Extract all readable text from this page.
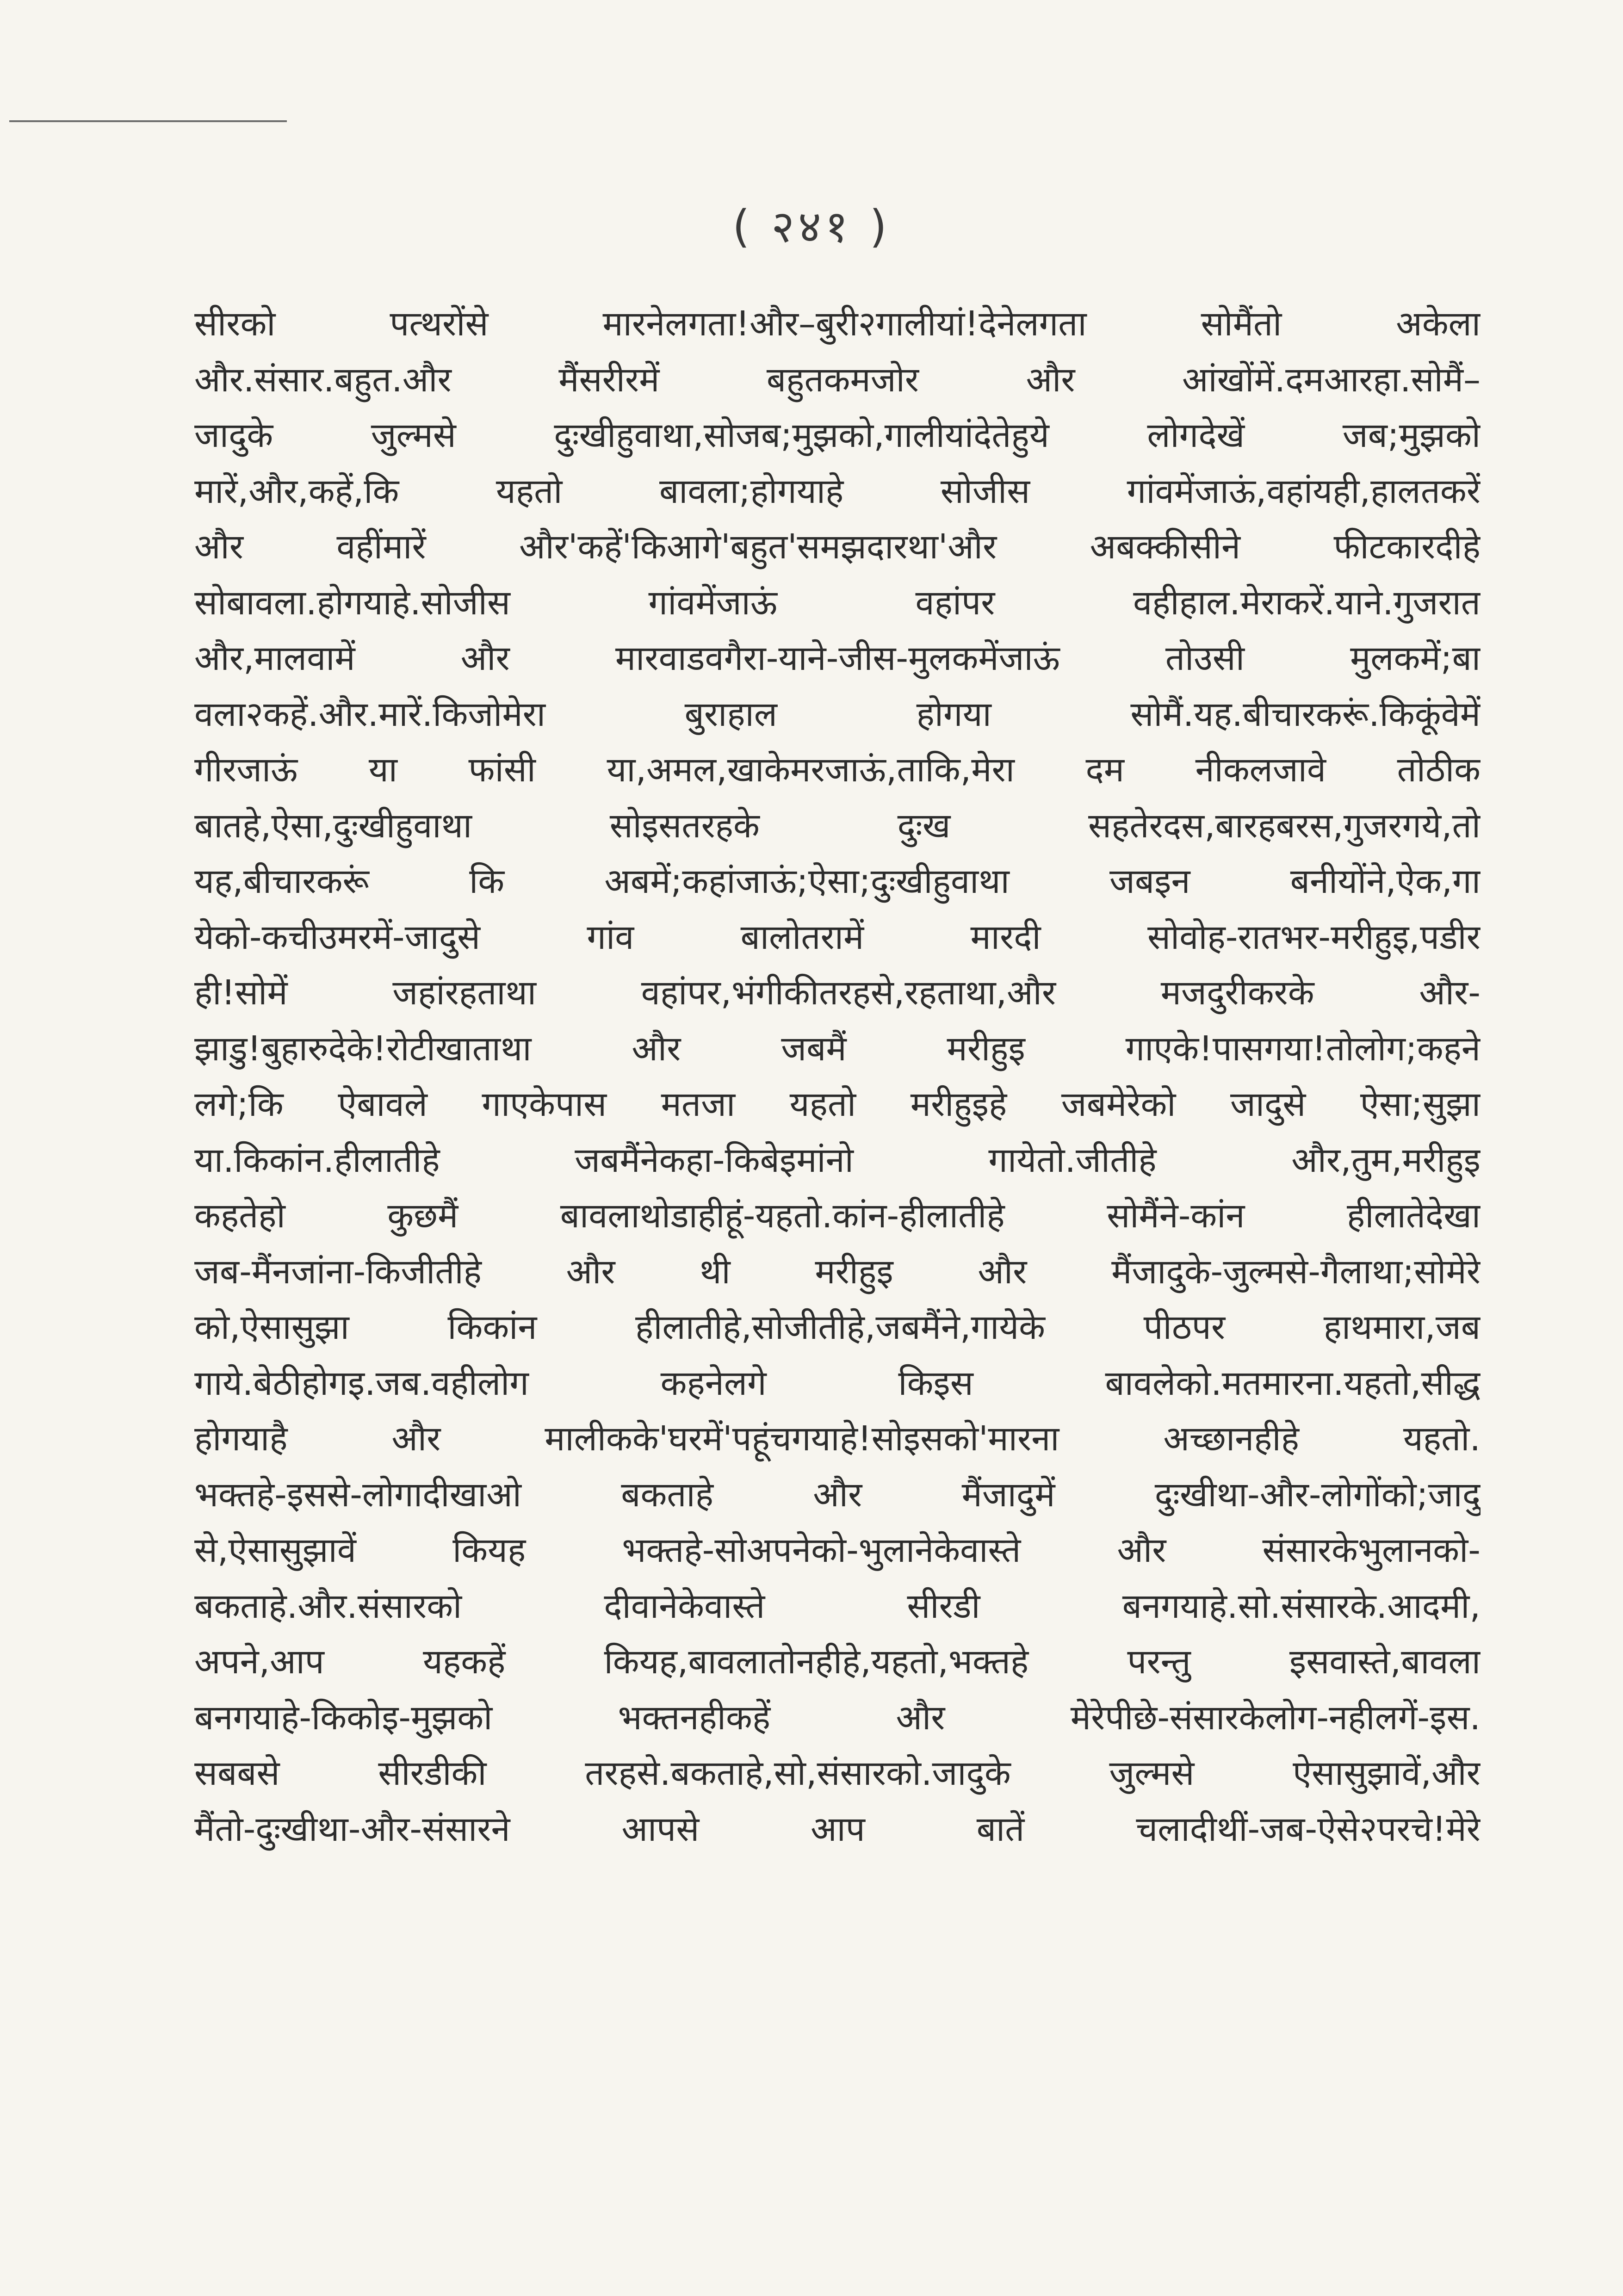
( २४१ )
सीरको पत्थरोंसे मारनेलगता!और–बुरी२गालीयां!देनेलगता सोमैंतो अकेला
और.संसार.बहुत.और मैंसरीरमें बहुतकमजोर और आंखोंमें.दमआरहा.सोमैं–
जादुके जुल्मसे दुःखीहुवाथा,सोजब;मुझको,गालीयांदेतेहुये लोगदेखें जब;मुझको
मारें,और,कहें,कि यहतो बावला;होगयाहे सोजीस गांवमेंजाऊं,वहांयही,हालतकरें
और वहींमारें और'कहें'किआगे'बहुत'समझदारथा'और अबक्कीसीने फीटकारदीहे
सोबावला.होगयाहे.सोजीस गांवमेंजाऊं वहांपर वहीहाल.मेराकरें.याने.गुजरात
और,मालवामें और मारवाडवगैरा-याने-जीस-मुलकमेंजाऊं तोउसी मुलकमें;बा
वला२कहें.और.मारें.किजोमेरा बुराहाल होगया सोमैं.यह.बीचारकरूं.किकूंवेमें
गीरजाऊं या फांसी या,अमल,खाकेमरजाऊं,ताकि,मेरा दम नीकलजावे तोठीक
बातहे,ऐसा,दुःखीहुवाथा सोइसतरहके दुःख सहतेरदस,बारहबरस,गुजरगये,तो
यह,बीचारकरूं कि अबमें;कहांजाऊं;ऐसा;दुःखीहुवाथा जबइन बनीयोंने,ऐक,गा
येको-कचीउमरमें-जादुसे गांव बालोतरामें मारदी सोवोह-रातभर-मरीहुइ,पडीर
ही!सोमें जहांरहताथा वहांपर,भंगीकीतरहसे,रहताथा,और मजदुरीकरके और-
झाडु!बुहारुदेके!रोटीखाताथा और जबमैं मरीहुइ गाएके!पासगया!तोलोग;कहने
लगे;कि ऐबावले गाएकेपास मतजा यहतो मरीहुइहे जबमेरेको जादुसे ऐसा;सुझा
या.किकांन.हीलातीहे जबमैंनेकहा-किबेइमांनो गायेतो.जीतीहे और,तुम,मरीहुइ
कहतेहो कुछमैं बावलाथोडाहीहूं-यहतो.कांन-हीलातीहे सोमैंने-कांन हीलातेदेखा
जब-मैंनजांना-किजीतीहे और थी मरीहुइ और मैंजादुके-जुल्मसे-गैलाथा;सोमेरे
को,ऐसासुझा किकांन हीलातीहे,सोजीतीहे,जबमैंने,गायेके पीठपर हाथमारा,जब
गाये.बेठीहोगइ.जब.वहीलोग कहनेलगे किइस बावलेको.मतमारना.यहतो,सीद्ध
होगयाहै और मालीकके'घरमें'पहूंचगयाहे!सोइसको'मारना अच्छानहीहे यहतो.
भक्तहे-इससे-लोगादीखाओ बकताहे और मैंजादुमें दुःखीथा-और-लोगोंको;जादु
से,ऐसासुझावें कियह भक्तहे-सोअपनेको-भुलानेकेवास्ते और संसारकेभुलानको-
बकताहे.और.संसारको दीवानेकेवास्ते सीरडी बनगयाहे.सो.संसारके.आदमी,
अपने,आप यहकहें कियह,बावलातोनहीहे,यहतो,भक्तहे परन्तु इसवास्ते,बावला
बनगयाहे-किकोइ-मुझको भक्तनहीकहें और मेरेपीछे-संसारकेलोग-नहीलगें-इस.
सबबसे सीरडीकी तरहसे.बकताहे,सो,संसारको.जादुके जुल्मसे ऐसासुझावें,और
मैंतो-दुःखीथा-और-संसारने आपसे आप बातें चलादीथीं-जब-ऐसे२परचे!मेरे
